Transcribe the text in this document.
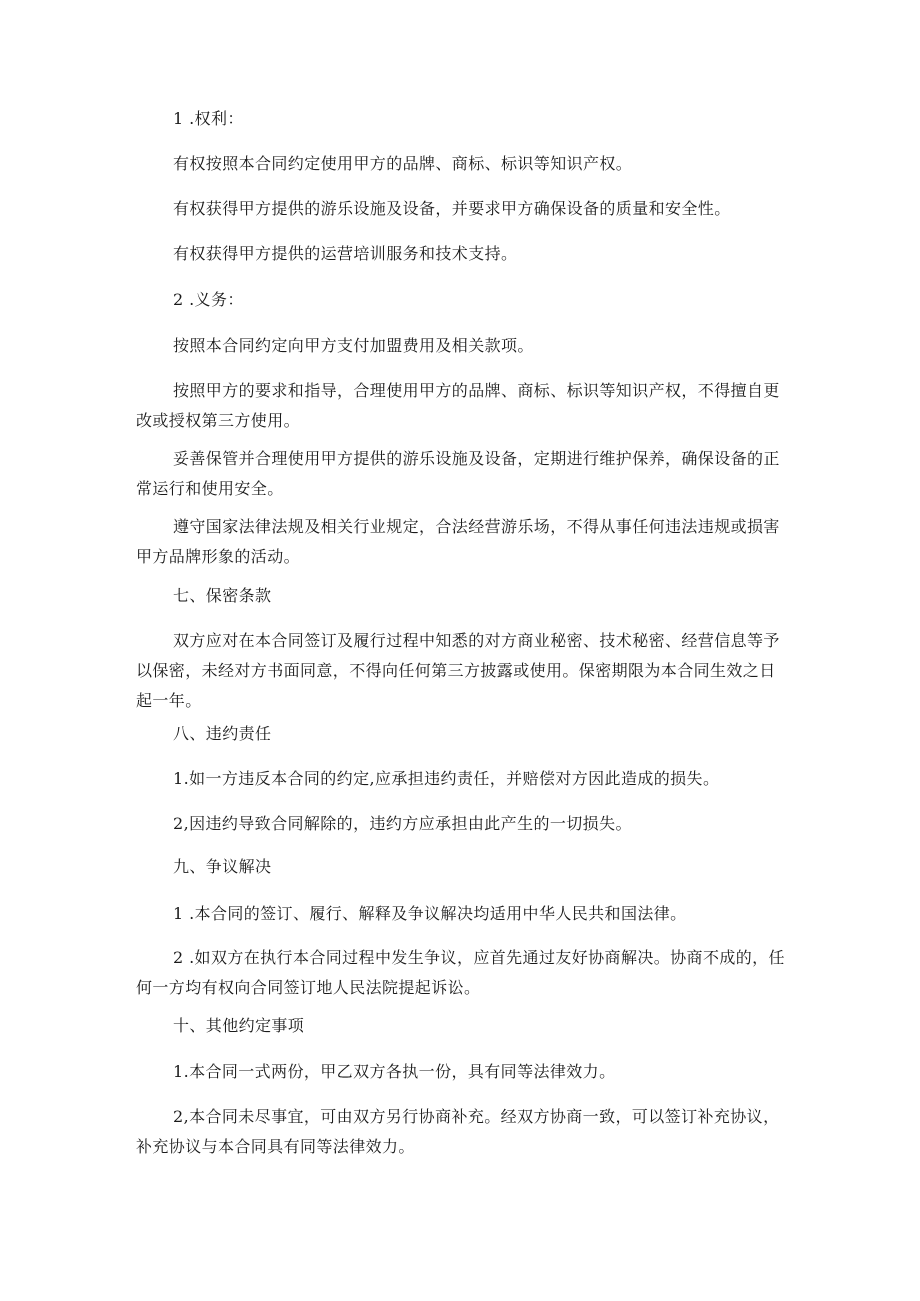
1 .权利：

有权按照本合同约定使用甲方的品牌、商标、标识等知识产权。

有权获得甲方提供的游乐设施及设备，并要求甲方确保设备的质量和安全性。

有权获得甲方提供的运营培训服务和技术支持。

2 .义务：

按照本合同约定向甲方支付加盟费用及相关款项。

按照甲方的要求和指导，合理使用甲方的品牌、商标、标识等知识产权，不得擅自更改或授权第三方使用。

妥善保管并合理使用甲方提供的游乐设施及设备，定期进行维护保养，确保设备的正常运行和使用安全。

遵守国家法律法规及相关行业规定，合法经营游乐场，不得从事任何违法违规或损害甲方品牌形象的活动。

七、保密条款

双方应对在本合同签订及履行过程中知悉的对方商业秘密、技术秘密、经营信息等予以保密，未经对方书面同意，不得向任何第三方披露或使用。保密期限为本合同生效之日起一年。

八、违约责任

1.如一方违反本合同的约定,应承担违约责任，并赔偿对方因此造成的损失。

2,因违约导致合同解除的，违约方应承担由此产生的一切损失。

九、争议解决

1 .本合同的签订、履行、解释及争议解决均适用中华人民共和国法律。

2 .如双方在执行本合同过程中发生争议，应首先通过友好协商解决。协商不成的，任何一方均有权向合同签订地人民法院提起诉讼。

十、其他约定事项

1.本合同一式两份，甲乙双方各执一份，具有同等法律效力。

2,本合同未尽事宜，可由双方另行协商补充。经双方协商一致，可以签订补充协议，补充协议与本合同具有同等法律效力。
